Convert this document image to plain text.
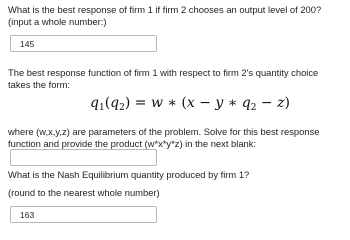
What is the best response of firm 1 if firm 2 chooses an output level of 200? (input a whole number:)
145
The best response function of firm 1 with respect to firm 2's quantity choice takes the form:
$q_1(q_2) = w$ ∗ (x − y ∗ $q_2 - z$)
where (w,x,y,z) are parameters of the problem. Solve for this best response function and provide the product (w*x*y*z) in the next blank:
What is the Nash Equilibrium quantity produced by firm 1?
(round to the nearest whole number)
163
